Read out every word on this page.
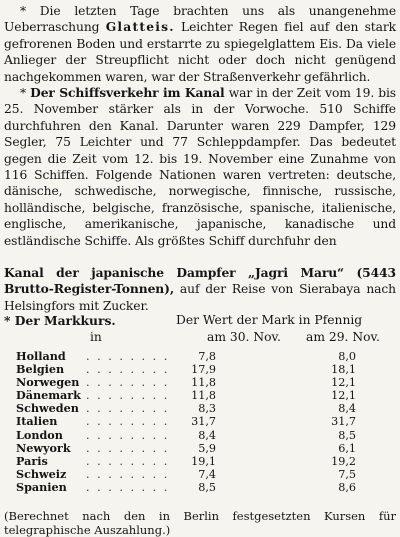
* Die letzten Tage brachten uns als unangenehme Ueberraschung Glatteis. Leichter Regen fiel auf den stark gefrorenen Boden und erstarrte zu spiegelglattem Eis. Da viele Anlieger der Streupflicht nicht oder doch nicht genügend nachgekommen waren, war der Straßenverkehr gefährlich.

* Der Schiffsverkehr im Kanal war in der Zeit vom 19. bis 25. November stärker als in der Vorwoche. 510 Schiffe durchfuhren den Kanal. Darunter waren 229 Dampfer, 129 Segler, 75 Leichter und 77 Schleppdampfer. Das bedeutet gegen die Zeit vom 12. bis 19. November eine Zunahme von 116 Schiffen. Folgende Nationen waren vertreten: deutsche, dänische, schwedische, norwegische, finnische, russische, holländische, belgische, französische, spanische, italienische, englische, amerikanische, japanische, kanadische und estländische Schiffe. Als größtes Schiff durchfuhr den

Kanal der japanische Dampfer „Jagri Maru“ (5443 Brutto-Register-Tonnen), auf der Reise von Sierabaya nach Helsingfors mit Zucker.

* Der Markkurs.
in
Der Wert der Mark in Pfennig
am 30. Nov. am 29. Nov.
Holland . . . . . . . .	7,8	8,0
Belgien . . . . . . . . 17,9	18,1
Norwegen . . . . . . . . 11,8	12,1
Dänemark . . . . . . . . 11,8	12,1
Schweden . . . . . . . .	8,3	8,4
Italien	. . . . . . . . 31,7	31,7
London . . . . . . . .	8,4	8,5
Newyork . . . . . . . .	5,9	6,1
Paris	. . . . . . . . 19,1	19,2
Schweiz . . . . . . . .	7,4	7,5
Spanien . . . . . . . .	8,5	8,6

(Berechnet nach den in Berlin festgesetzten Kursen für telegraphische Auszahlung.)
